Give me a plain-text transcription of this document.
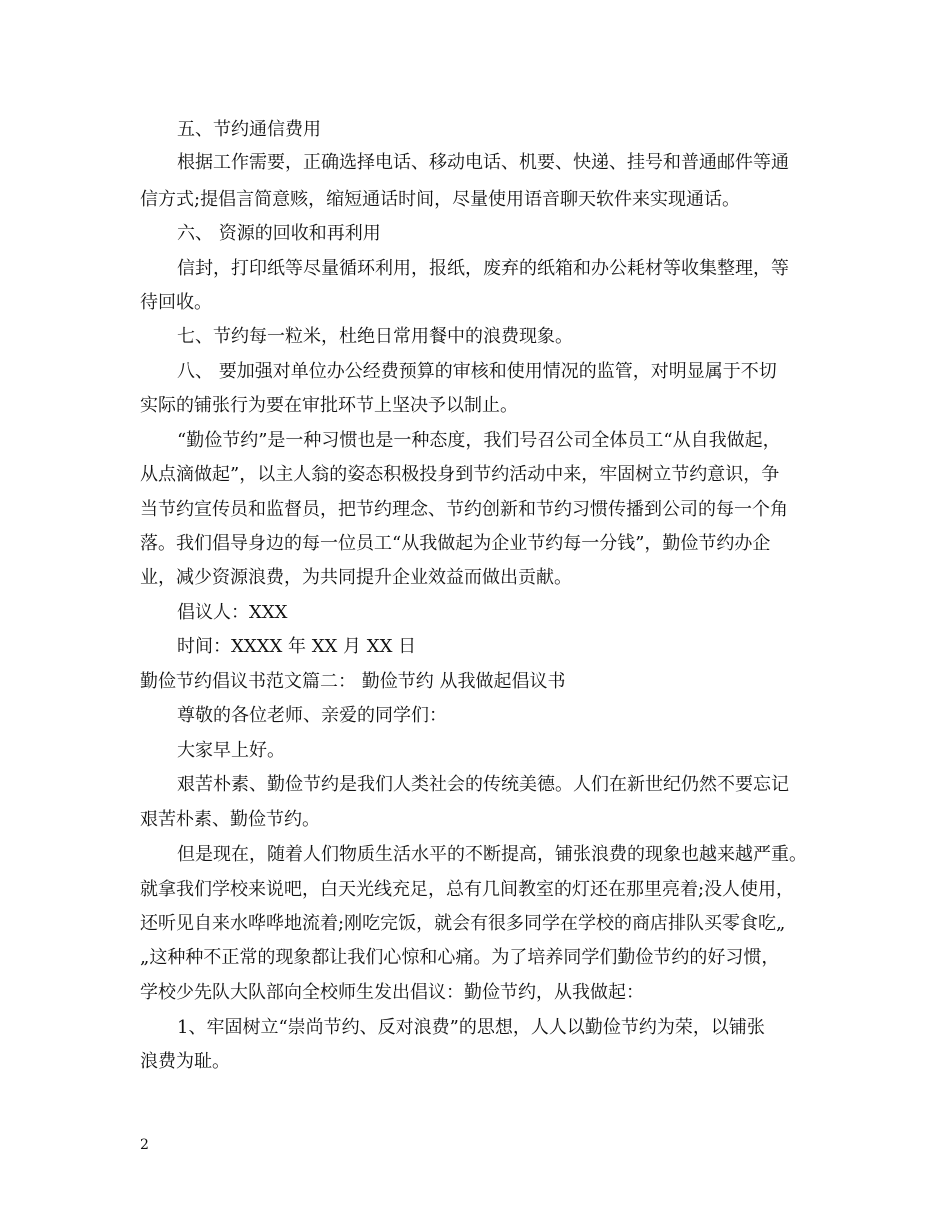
五、节约通信费用
根据工作需要，正确选择电话、移动电话、机要、快递、挂号和普通邮件等通
信方式;提倡言简意赅，缩短通话时间，尽量使用语音聊天软件来实现通话。
六、 资源的回收和再利用
信封，打印纸等尽量循环利用，报纸，废弃的纸箱和办公耗材等收集整理，等
待回收。
七、节约每一粒米，杜绝日常用餐中的浪费现象。
八、 要加强对单位办公经费预算的审核和使用情况的监管，对明显属于不切
实际的铺张行为要在审批环节上坚决予以制止。
“勤俭节约”是一种习惯也是一种态度，我们号召公司全体员工“从自我做起，
从点滴做起”，以主人翁的姿态积极投身到节约活动中来，牢固树立节约意识，争
当节约宣传员和监督员，把节约理念、节约创新和节约习惯传播到公司的每一个角
落。我们倡导身边的每一位员工“从我做起为企业节约每一分钱”，勤俭节约办企
业，减少资源浪费，为共同提升企业效益而做出贡献。
倡议人：XXX
时间：XXXX 年 XX 月 XX 日
勤俭节约倡议书范文篇二： 勤俭节约 从我做起倡议书
尊敬的各位老师、亲爱的同学们：
大家早上好。
艰苦朴素、勤俭节约是我们人类社会的传统美德。人们在新世纪仍然不要忘记
艰苦朴素、勤俭节约。
但是现在，随着人们物质生活水平的不断提高，铺张浪费的现象也越来越严重。
就拿我们学校来说吧，白天光线充足，总有几间教室的灯还在那里亮着;没人使用，
还听见自来水哗哗地流着;刚吃完饭，就会有很多同学在学校的商店排队买零食吃„
„这种种不正常的现象都让我们心惊和心痛。为了培养同学们勤俭节约的好习惯，
学校少先队大队部向全校师生发出倡议：勤俭节约，从我做起：
1、牢固树立“崇尚节约、反对浪费”的思想，人人以勤俭节约为荣，以铺张
浪费为耻。
2
